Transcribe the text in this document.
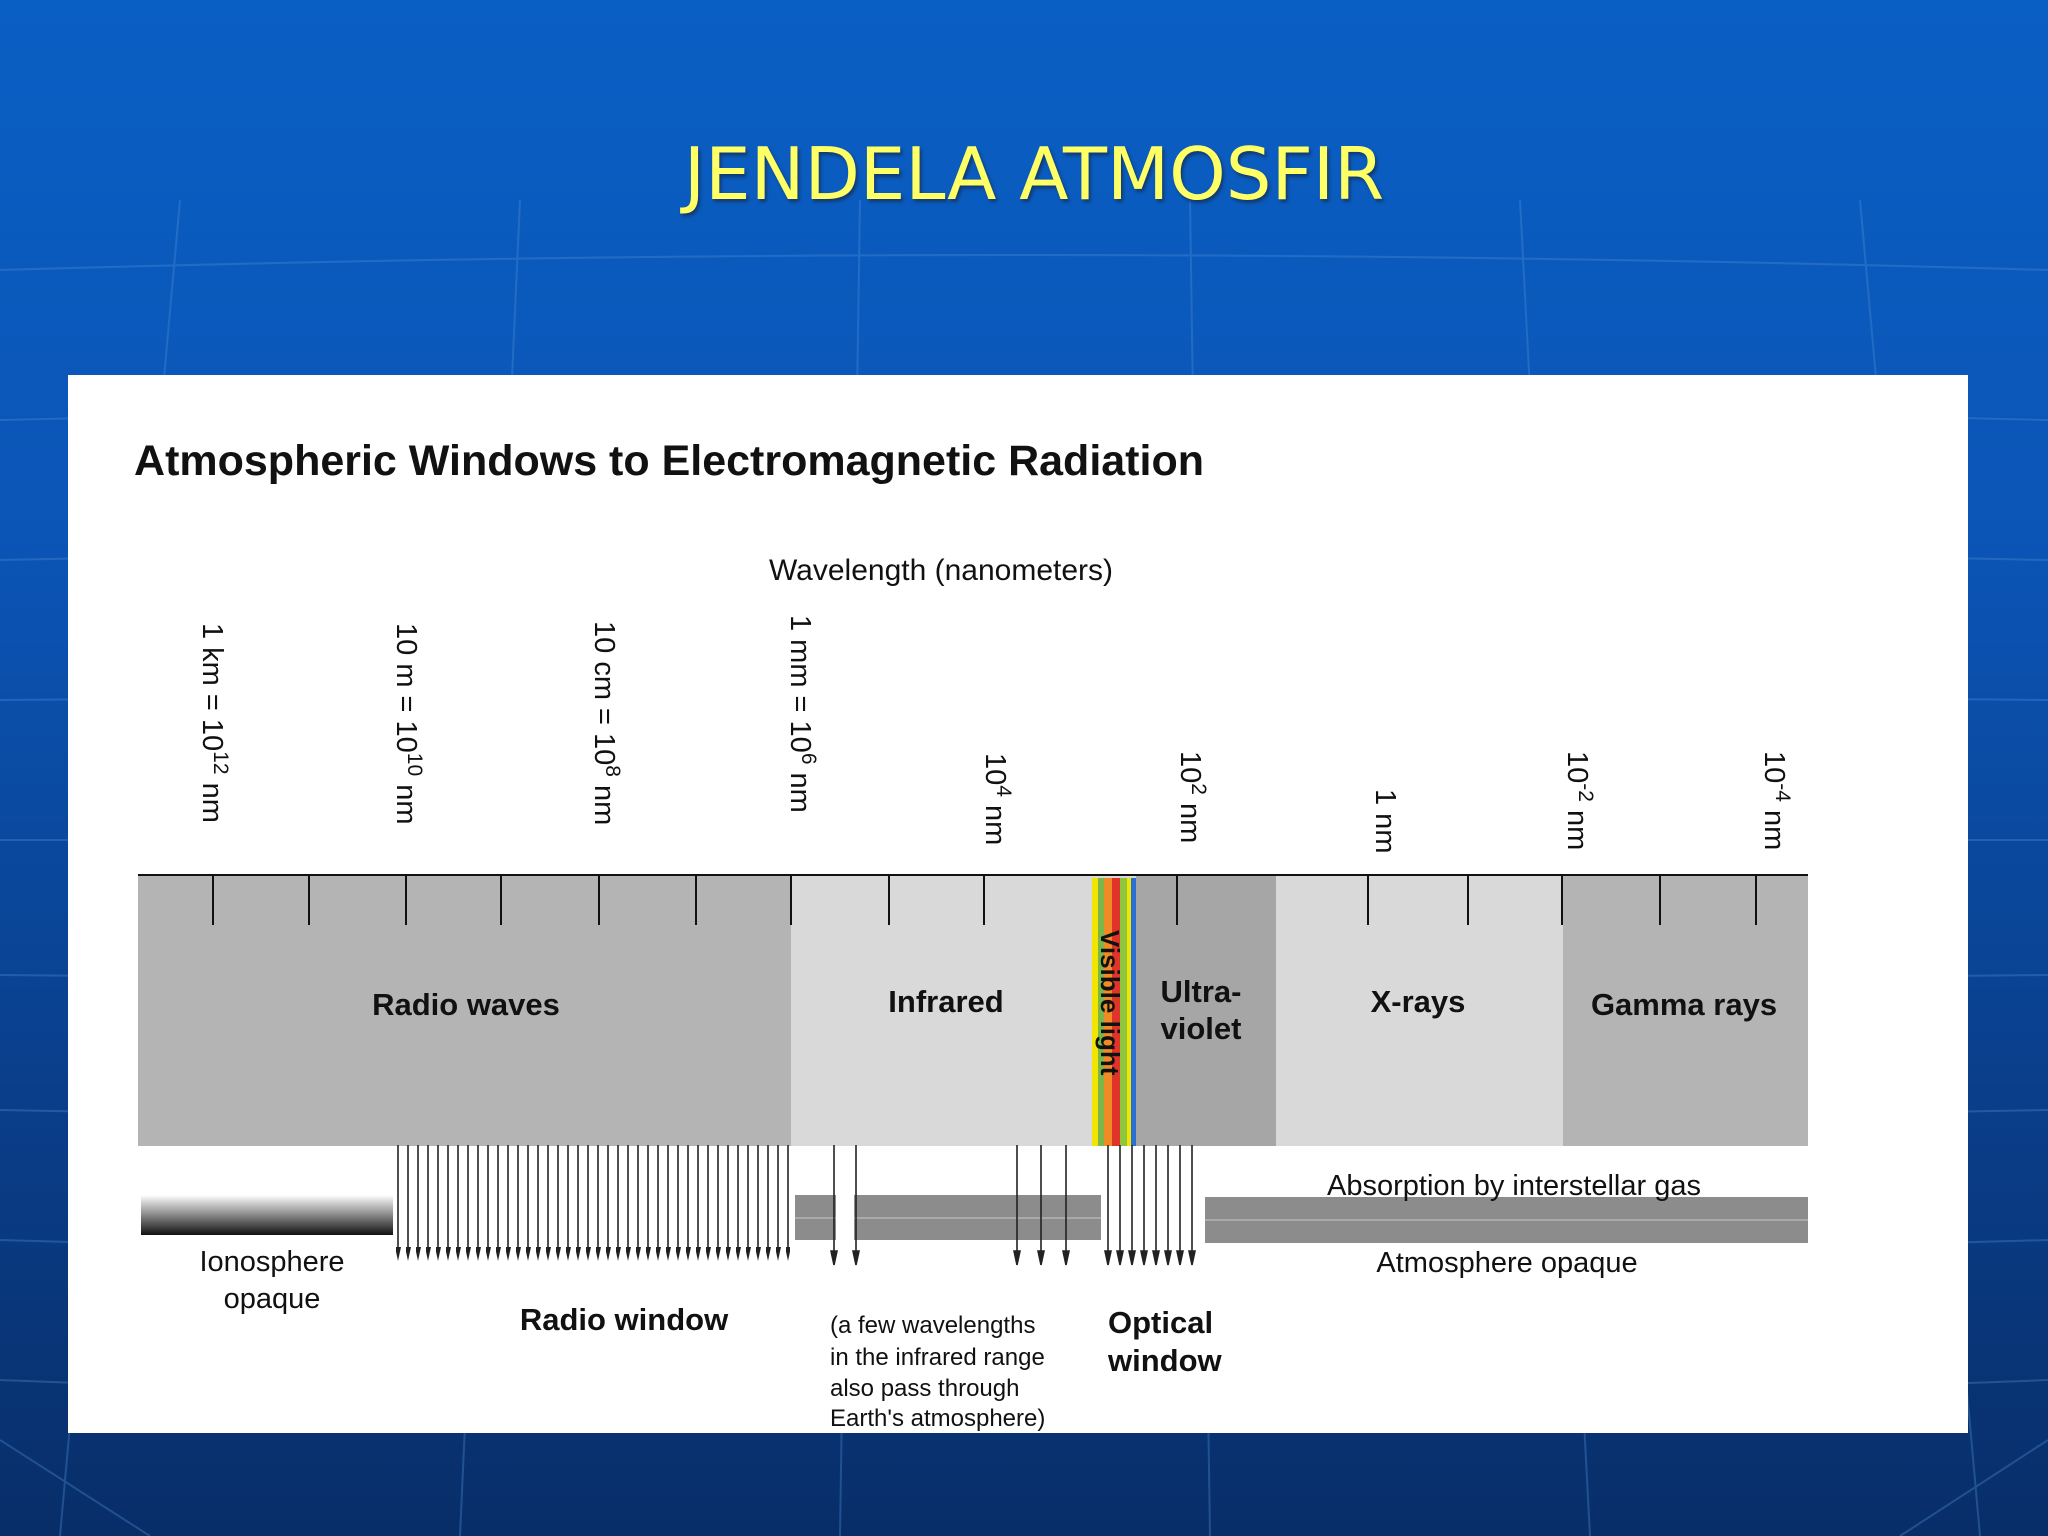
JENDELA ATMOSFIR
Atmospheric Windows to Electromagnetic Radiation
Wavelength (nanometers)
1 km = $10^{12}$ nm
10 $m = 10^{10}$ nm
10 cm = $10^8$ nm
1 mm = $10^6$ nm	$10^4$ nm
$10^2$ nm	1 nm
$10^{-2}$ nm
$10^{-4}$ nm
Radio waves	Infrared	Ultra-
violet
X-rays	Gamma rays
Visible light
Ionosphere
opaque
Radio window	(a few wavelengths
in the infrared range
also pass through
Earth's atmosphere)
Optical
window
Absorption by interstellar gas
Atmosphere opaque
